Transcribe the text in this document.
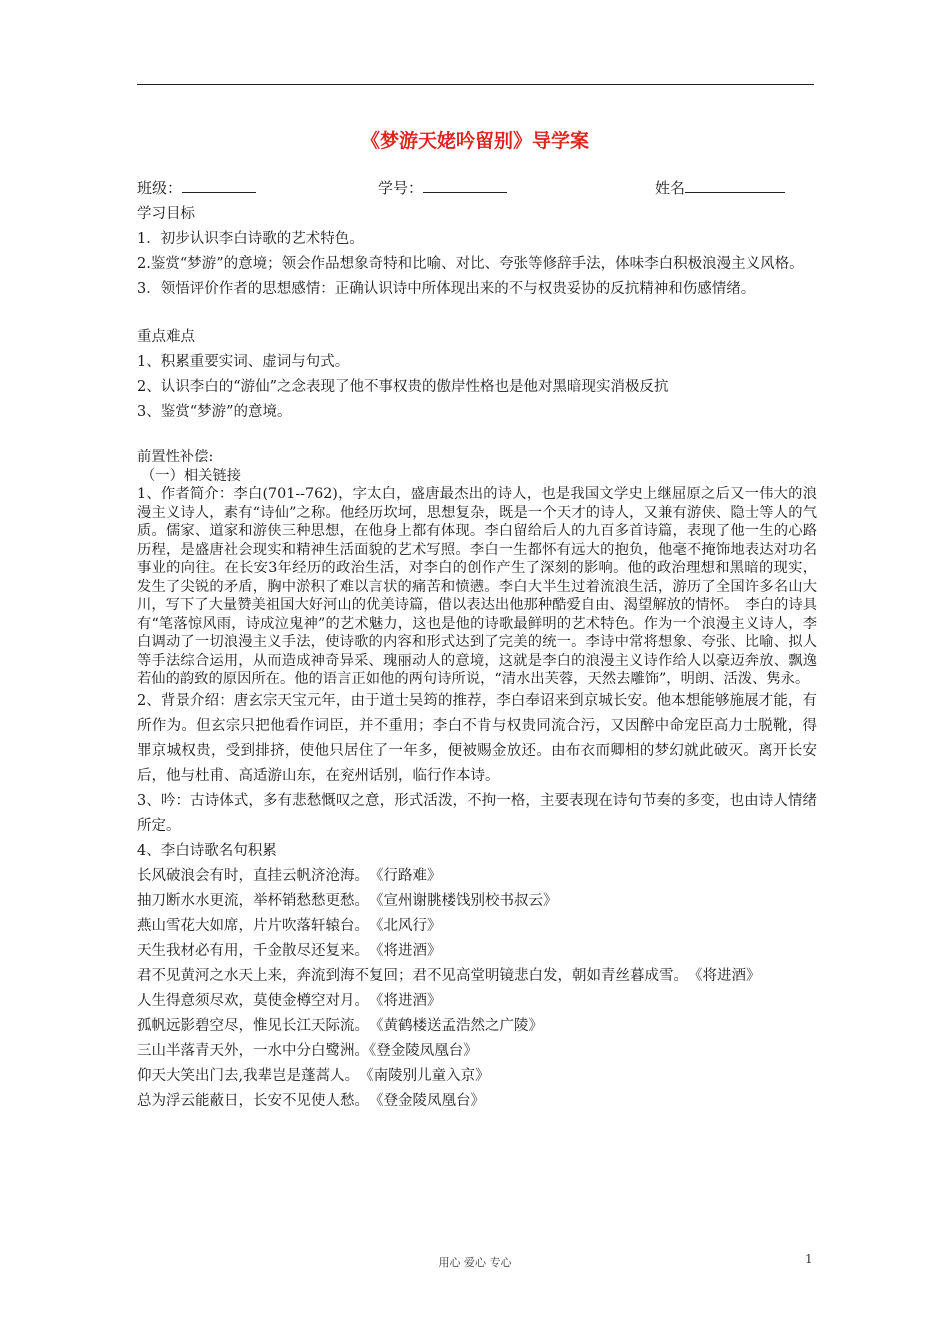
《梦游天姥吟留别》导学案
班级：	学号：	姓名

学习目标

1．初步认识李白诗歌的艺术特色。

2.鉴赏“梦游”的意境；领会作品想象奇特和比喻、对比、夸张等修辞手法，体味李白积极浪漫主义风格。

3．领悟评价作者的思想感情：正确认识诗中所体现出来的不与权贵妥协的反抗精神和伤感情绪。

重点难点

1、积累重要实词、虚词与句式。

2、认识李白的“游仙”之念表现了他不事权贵的傲岸性格也是他对黑暗现实消极反抗

3、鉴赏“梦游”的意境。

前置性补偿:

（一）相关链接

1、作者简介：李白(701--762)，字太白，盛唐最杰出的诗人，也是我国文学史上继屈原之后又一伟大的浪漫主义诗人，素有“诗仙”之称。他经历坎坷，思想复杂，既是一个天才的诗人，又兼有游侠、隐士等人的气质。儒家、道家和游侠三种思想，在他身上都有体现。李白留给后人的九百多首诗篇，表现了他一生的心路历程，是盛唐社会现实和精神生活面貌的艺术写照。李白一生都怀有远大的抱负，他毫不掩饰地表达对功名事业的向往。在长安3年经历的政治生活，对李白的创作产生了深刻的影响。他的政治理想和黑暗的现实，发生了尖锐的矛盾，胸中淤积了难以言状的痛苦和愤懑。李白大半生过着流浪生活，游历了全国许多名山大川，写下了大量赞美祖国大好河山的优美诗篇，借以表达出他那种酷爱自由、渴望解放的情怀。　李白的诗具有“笔落惊风雨，诗成泣鬼神”的艺术魅力，这也是他的诗歌最鲜明的艺术特色。作为一个浪漫主义诗人，李白调动了一切浪漫主义手法，使诗歌的内容和形式达到了完美的统一。李诗中常将想象、夸张、比喻、拟人等手法综合运用，从而造成神奇异采、瑰丽动人的意境，这就是李白的浪漫主义诗作给人以豪迈奔放、飘逸若仙的韵致的原因所在。他的语言正如他的两句诗所说，“清水出芙蓉，天然去雕饰”，明朗、活泼、隽永。

2、背景介绍：唐玄宗天宝元年，由于道士吴筠的推荐，李白奉诏来到京城长安。他本想能够施展才能，有所作为。但玄宗只把他看作词臣，并不重用；李白不肯与权贵同流合污，又因醉中命宠臣高力士脱靴，得罪京城权贵，受到排挤，使他只居住了一年多，便被赐金放还。由布衣而卿相的梦幻就此破灭。离开长安后，他与杜甫、高适游山东，在兖州话别，临行作本诗。

3、吟：古诗体式，多有悲愁慨叹之意，形式活泼，不拘一格，主要表现在诗句节奏的多变，也由诗人情绪所定。

4、李白诗歌名句积累

长风破浪会有时，直挂云帆济沧海。　《行路难》

抽刀断水水更流，举杯销愁愁更愁。　《宣州谢朓楼饯别校书叔云》

燕山雪花大如席，片片吹落轩辕台。　《北风行》

天生我材必有用，千金散尽还复来。　《将进酒》

君不见黄河之水天上来，奔流到海不复回；君不见高堂明镜悲白发，朝如青丝暮成雪。　《将进酒》

人生得意须尽欢，莫使金樽空对月。　《将进酒》

孤帆远影碧空尽，惟见长江天际流。　《黄鹤楼送孟浩然之广陵》

三山半落青天外，一水中分白鹭洲。《登金陵凤凰台》

仰天大笑出门去,我辈岂是蓬蒿人。　《南陵别儿童入京》

总为浮云能蔽日，长安不见使人愁。　《登金陵凤凰台》

用心 爱心 专心	1
